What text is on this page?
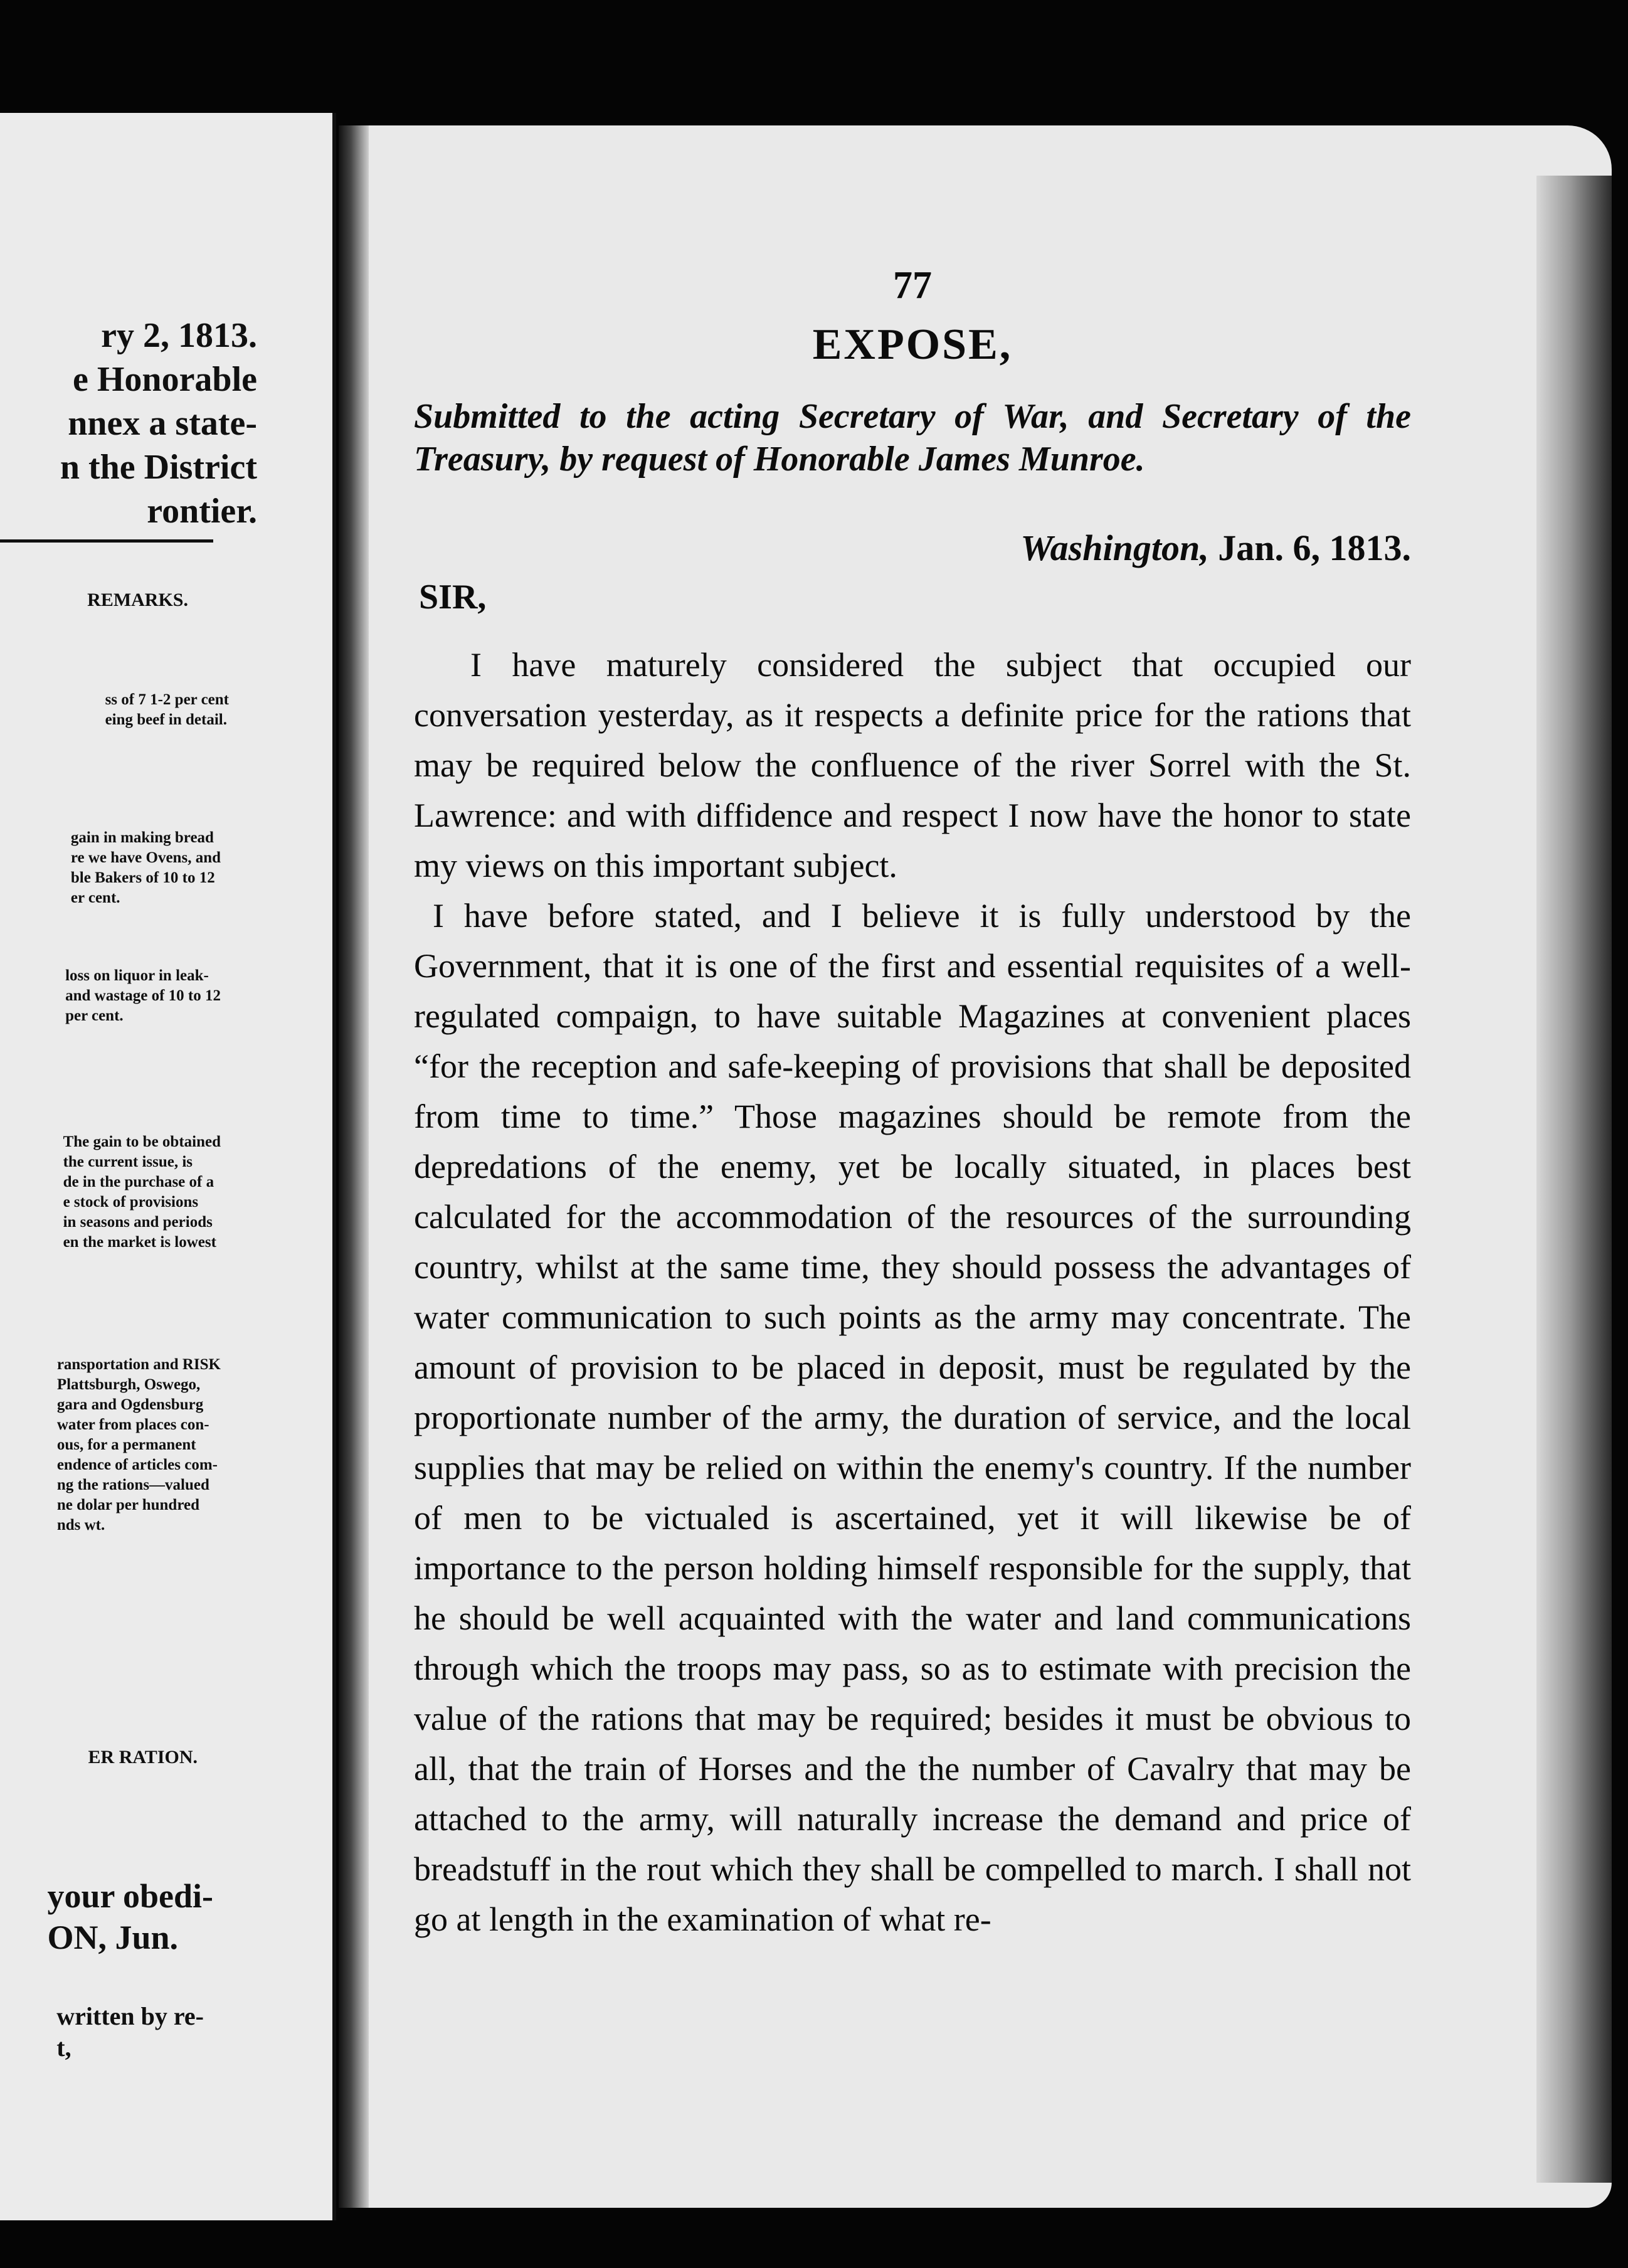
ry 2, 1813.
e Honorable
nnex a state-
n the District
rontier.
REMARKS.
ss of 7 1-2 per cent
eing beef in detail.
gain in making bread
re we have Ovens, and
ble Bakers of 10 to 12
er cent.
loss on liquor in leak-
and wastage of 10 to 12
per cent.
The gain to be obtained
the current issue, is
de in the purchase of a
e stock of provisions
in seasons and periods
en the market is lowest
ransportation and RISK
Plattsburgh, Oswego,
gara and Ogdensburg
water from places con-
ous, for a permanent
endence of articles com-
ng the rations—valued
ne dolar per hundred
nds wt.
ER RATION.
your obedi-
ON, Jun.
written by re-
t,
77
EXPOSE,
Submitted to the acting Secretary of War, and Secretary of the Treasury, by request of Honorable James Munroe.
Washington, Jan. 6, 1813.
SIR,

I have maturely considered the subject that occupied our conversation yesterday, as it respects a definite price for the rations that may be required below the confluence of the river Sorrel with the St. Lawrence: and with diffidence and respect I now have the honor to state my views on this important subject.

I have before stated, and I believe it is fully understood by the Government, that it is one of the first and essential requisites of a well-regulated compaign, to have suitable Magazines at convenient places “for the reception and safe-keeping of provisions that shall be deposited from time to time.” Those magazines should be remote from the depredations of the enemy, yet be locally situated, in places best calculated for the accommodation of the resources of the surrounding country, whilst at the same time, they should possess the advantages of water communication to such points as the army may concentrate. The amount of provision to be placed in deposit, must be regulated by the proportionate number of the army, the duration of service, and the local supplies that may be relied on within the enemy's country. If the number of men to be victualed is ascertained, yet it will likewise be of importance to the person holding himself responsible for the supply, that he should be well acquainted with the water and land communications through which the troops may pass, so as to estimate with precision the value of the rations that may be required; besides it must be obvious to all, that the train of Horses and the the number of Cavalry that may be attached to the army, will naturally increase the demand and price of breadstuff in the rout which they shall be compelled to march. I shall not go at length in the examination of what re-
